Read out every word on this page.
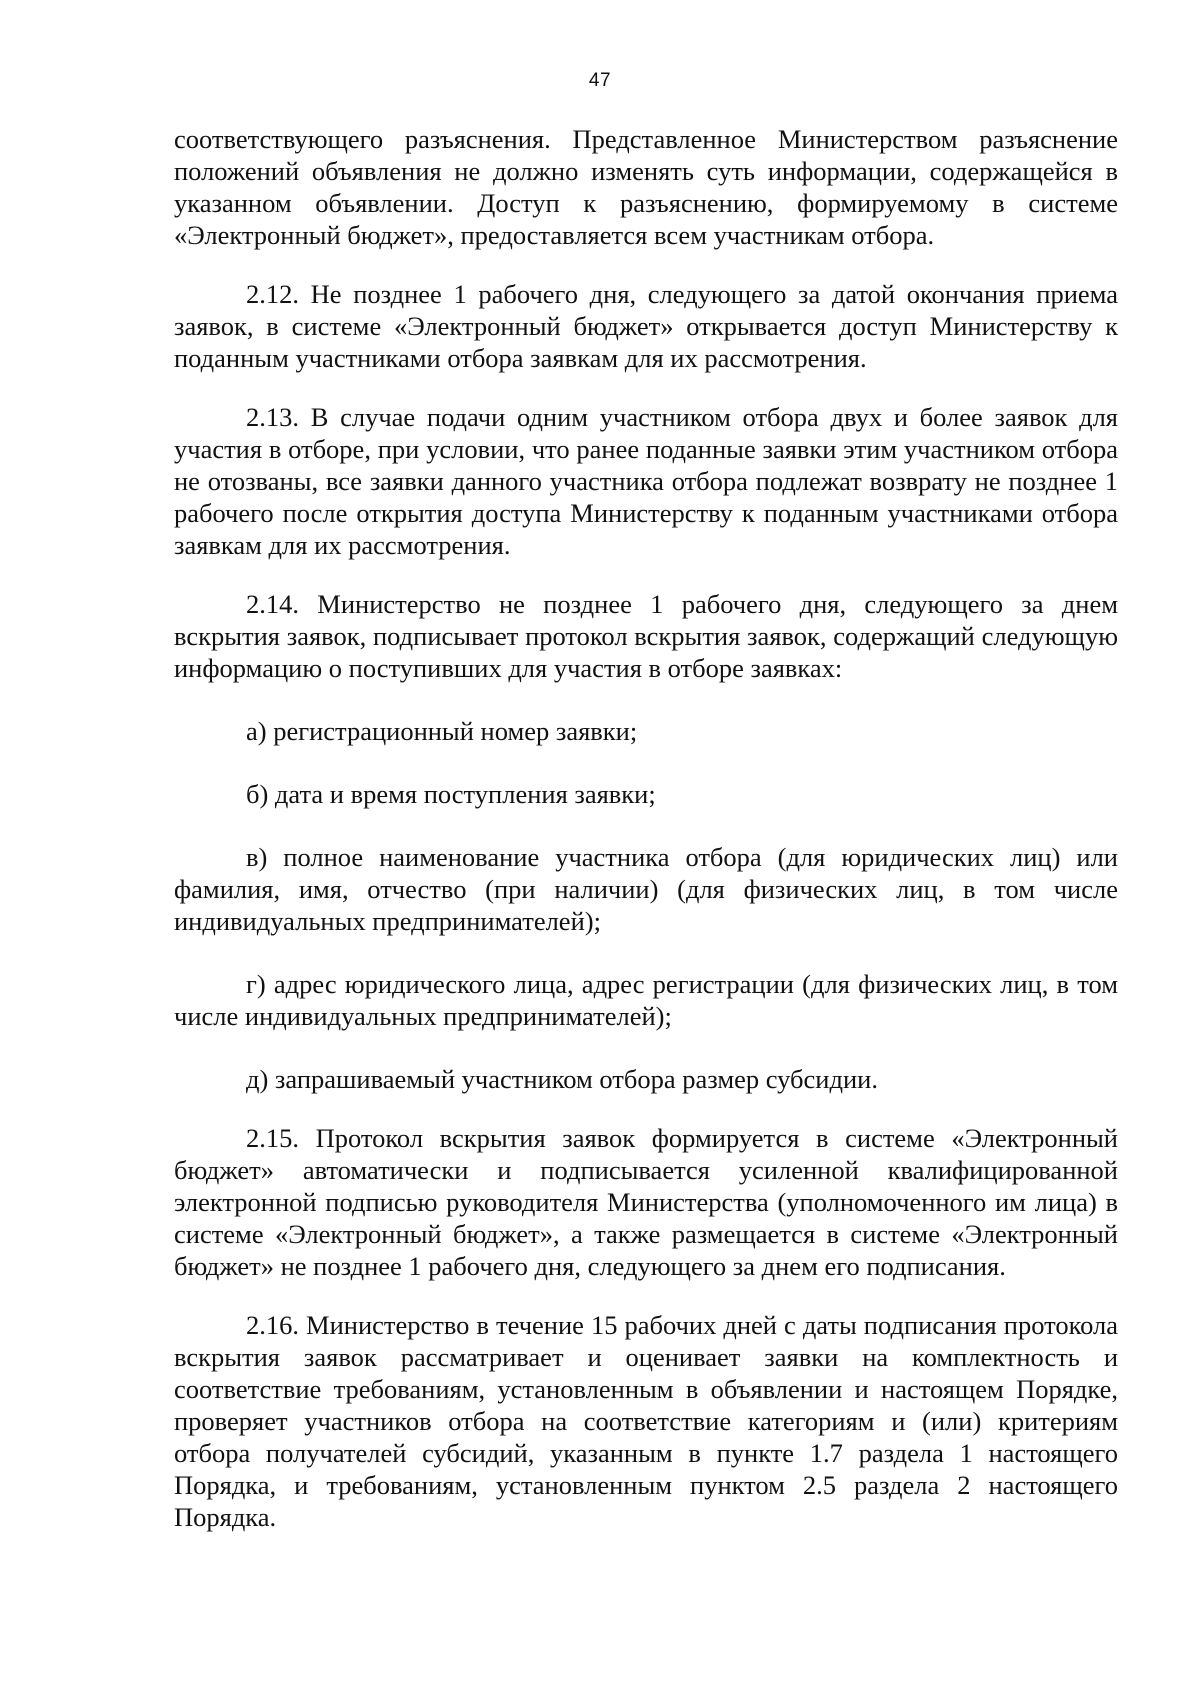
47

соответствующего разъяснения. Представленное Министерством разъяснение положений объявления не должно изменять суть информации, содержащейся в указанном объявлении. Доступ к разъяснению, формируемому в системе «Электронный бюджет», предоставляется всем участникам отбора.

2.12. Не позднее 1 рабочего дня, следующего за датой окончания приема заявок, в системе «Электронный бюджет» открывается доступ Министерству к поданным участниками отбора заявкам для их рассмотрения.

2.13. В случае подачи одним участником отбора двух и более заявок для участия в отборе, при условии, что ранее поданные заявки этим участником отбора не отозваны, все заявки данного участника отбора подлежат возврату не позднее 1 рабочего после открытия доступа Министерству к поданным участниками отбора заявкам для их рассмотрения.

2.14. Министерство не позднее 1 рабочего дня, следующего за днем вскрытия заявок, подписывает протокол вскрытия заявок, содержащий следующую информацию о поступивших для участия в отборе заявках:

а) регистрационный номер заявки;

б) дата и время поступления заявки;

в) полное наименование участника отбора (для юридических лиц) или фамилия, имя, отчество (при наличии) (для физических лиц, в том числе индивидуальных предпринимателей);

г) адрес юридического лица, адрес регистрации (для физических лиц, в том числе индивидуальных предпринимателей);

д) запрашиваемый участником отбора размер субсидии.

2.15. Протокол вскрытия заявок формируется в системе «Электронный бюджет» автоматически и подписывается усиленной квалифицированной электронной подписью руководителя Министерства (уполномоченного им лица) в системе «Электронный бюджет», а также размещается в системе «Электронный бюджет» не позднее 1 рабочего дня, следующего за днем его подписания.

2.16. Министерство в течение 15 рабочих дней с даты подписания протокола вскрытия заявок рассматривает и оценивает заявки на комплектность и соответствие требованиям, установленным в объявлении и настоящем Порядке, проверяет участников отбора на соответствие категориям и (или) критериям отбора получателей субсидий, указанным в пункте 1.7 раздела 1 настоящего Порядка, и требованиям, установленным пунктом 2.5 раздела 2 настоящего Порядка.
